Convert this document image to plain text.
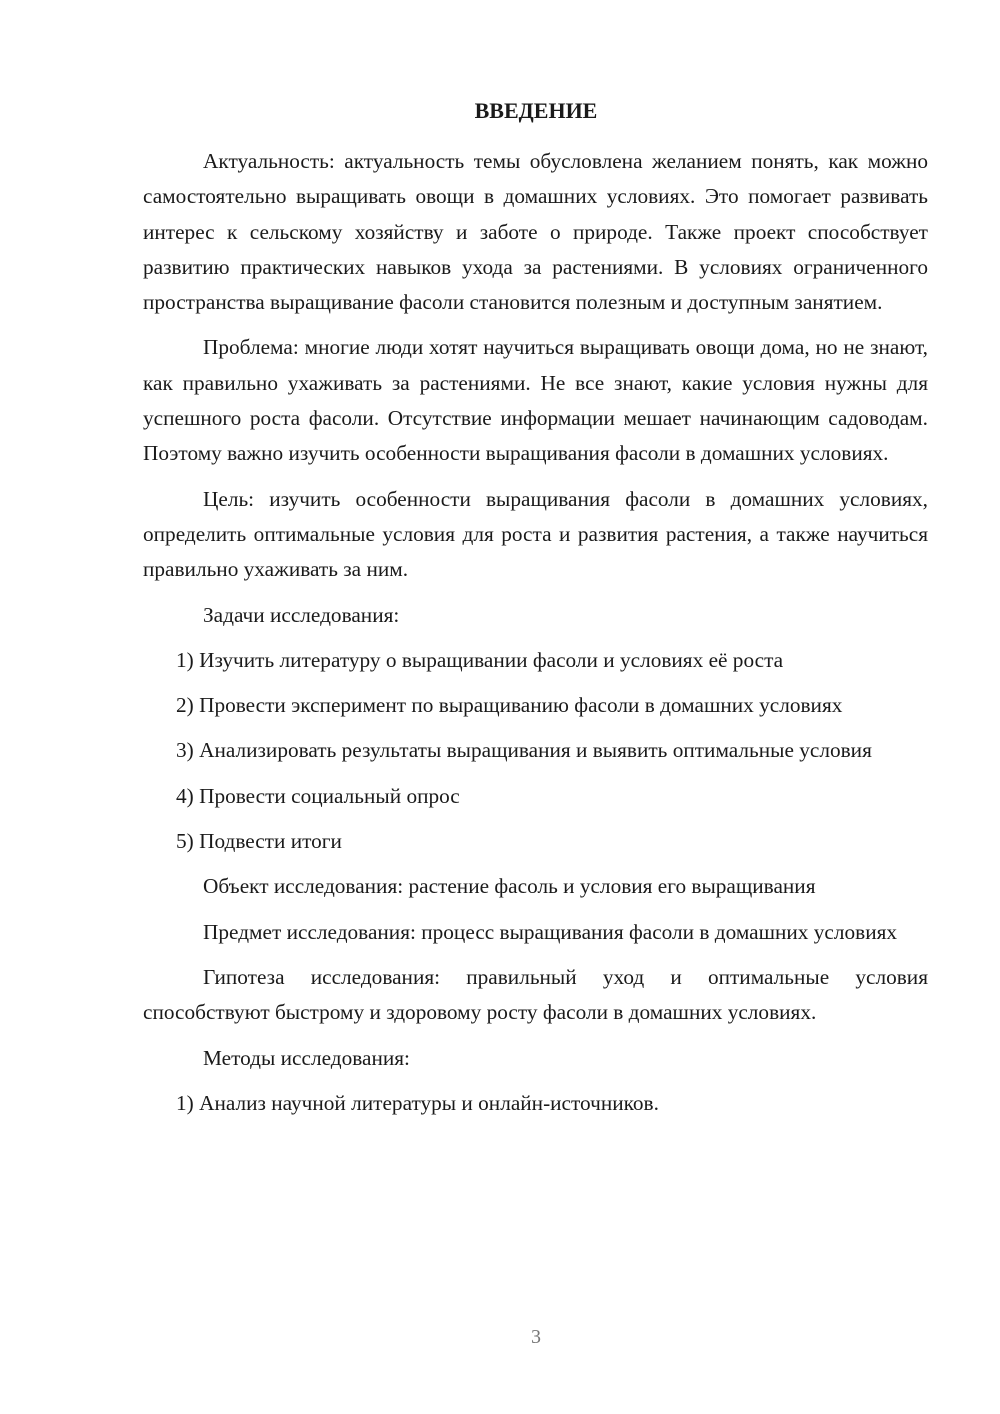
ВВЕДЕНИЕ

Актуальность: актуальность темы обусловлена желанием понять, как можно самостоятельно выращивать овощи в домашних условиях. Это помогает развивать интерес к сельскому хозяйству и заботе о природе. Также проект способствует развитию практических навыков ухода за растениями. В условиях ограниченного пространства выращивание фасоли становится полезным и доступным занятием.

Проблема: многие люди хотят научиться выращивать овощи дома, но не знают, как правильно ухаживать за растениями. Не все знают, какие условия нужны для успешного роста фасоли. Отсутствие информации мешает начинающим садоводам. Поэтому важно изучить особенности выращивания фасоли в домашних условиях.

Цель: изучить особенности выращивания фасоли в домашних условиях, определить оптимальные условия для роста и развития растения, а также научиться правильно ухаживать за ним.

Задачи исследования:

1) Изучить литературу о выращивании фасоли и условиях её роста

2) Провести эксперимент по выращиванию фасоли в домашних условиях

3) Анализировать результаты выращивания и выявить оптимальные условия

4) Провести социальный опрос

5) Подвести итоги

Объект исследования: растение фасоль и условия его выращивания

Предмет исследования: процесс выращивания фасоли в домашних условиях

Гипотеза исследования: правильный уход и оптимальные условия способствуют быстрому и здоровому росту фасоли в домашних условиях.

Методы исследования:

1) Анализ научной литературы и онлайн-источников.

3
